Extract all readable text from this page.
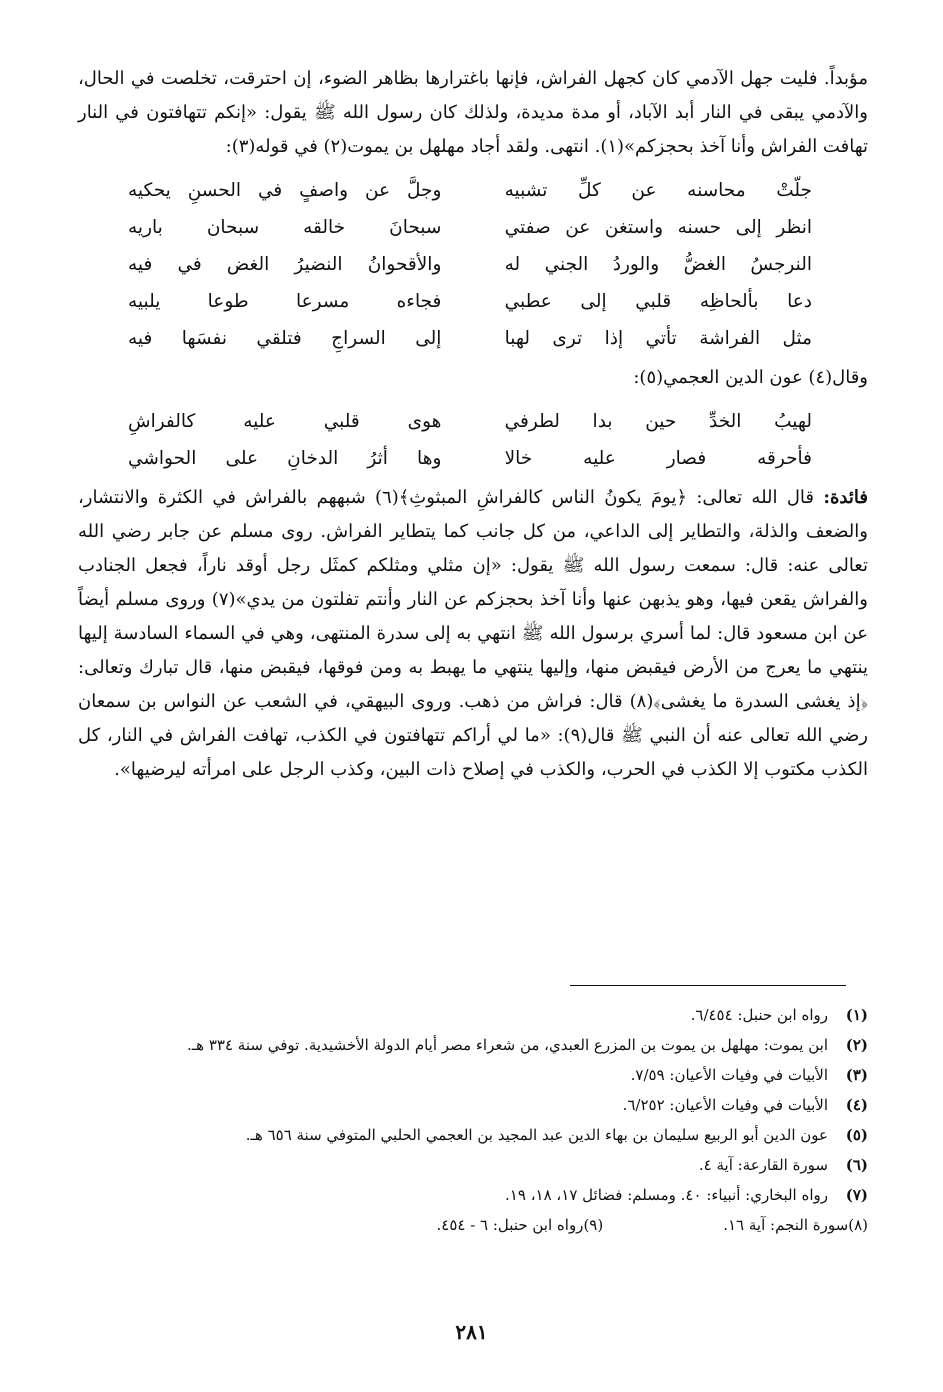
مؤبداً. فليت جهل الآدمي كان كجهل الفراش، فإنها باغترارها بظاهر الضوء، إن احترقت، تخلصت في الحال، والآدمي يبقى في النار أبد الآباد، أو مدة مديدة، ولذلك كان رسول الله ﷺ يقول: «إنكم تتهافتون في النار تهافت الفراش وأنا آخذ بحجزكم»(١). انتهى. ولقد أجاد مهلهل بن يموت(٢) في قوله(٣):

جلّتْ محاسنه عن كلِّ تشبيه
وجلَّ عن واصفٍ في الحسنِ يحكيه
انظر إلى حسنه واستغن عن صفتي
سبحانَ خالقه سبحان باريه
النرجسُ الغضُّ والوردُ الجني له
والأقحوانُ النضيرُ الغض في فيه
دعا بألحاظِه قلبي إلى عطبي
فجاءه مسرعا طوعا يلبيه
مثل الفراشة تأتي إذا ترى لهبا
إلى السراجِ فتلقي نفسَها فيه

وقال(٤) عون الدين العجمي(٥):

لهيبُ الخدِّ حين بدا لطرفي
هوى قلبي عليه كالفراشِ
فأحرقه فصار عليه خالا
وها أثرُ الدخانِ على الحواشي

فائدة: قال الله تعالى: ﴿يومَ يكونُ الناس كالفراشِ المبثوثِ﴾(٦) شبههم بالفراش في الكثرة والانتشار، والضعف والذلة، والتطاير إلى الداعي، من كل جانب كما يتطاير الفراش. روى مسلم عن جابر رضي الله تعالى عنه: قال: سمعت رسول الله ﷺ يقول: «إن مثلي ومثلكم كمثَل رجل أوقد ناراً، فجعل الجنادب والفراش يقعن فيها، وهو يذبهن عنها وأنا آخذ بحجزكم عن النار وأنتم تفلتون من يدي»(٧) وروى مسلم أيضاً عن ابن مسعود قال: لما أسري برسول الله ﷺ انتهي به إلى سدرة المنتهى، وهي في السماء السادسة إليها ينتهي ما يعرج من الأرض فيقبض منها، وإليها ينتهي ما يهبط به ومن فوقها، فيقبض منها، قال تبارك وتعالى: ﴿إذ يغشى السدرة ما يغشى﴾(٨) قال: فراش من ذهب. وروى البيهقي، في الشعب عن النواس بن سمعان رضي الله تعالى عنه أن النبي ﷺ قال(٩): «ما لي أراكم تتهافتون في الكذب، تهافت الفراش في النار، كل الكذب مكتوب إلا الكذب في الحرب، والكذب في إصلاح ذات البين، وكذب الرجل على امرأته ليرضيها».

(١)
رواه ابن حنبل: ٦/٤٥٤.
(٢)
ابن يموت: مهلهل بن يموت بن المزرع العبدي، من شعراء مصر أيام الدولة الأخشيدية. توفي سنة ٣٣٤ هـ.
(٣)
الأبيات في وفيات الأعيان: ٧/٥٩.
(٤)
الأبيات في وفيات الأعيان: ٦/٢٥٢.
(٥)
عون الدين أبو الربيع سليمان بن بهاء الدين عبد المجيد بن العجمي الحلبي المتوفي سنة ٦٥٦ هـ.
(٦)
سورة القارعة: آية ٤.
(٧)
رواه البخاري: أنبياء: ٤٠. ومسلم: فضائل ١٧، ١٨، ١٩.
(٨)
سورة النجم: آية ١٦.
(٩)
رواه ابن حنبل: ٦ - ٤٥٤.
٢٨١
